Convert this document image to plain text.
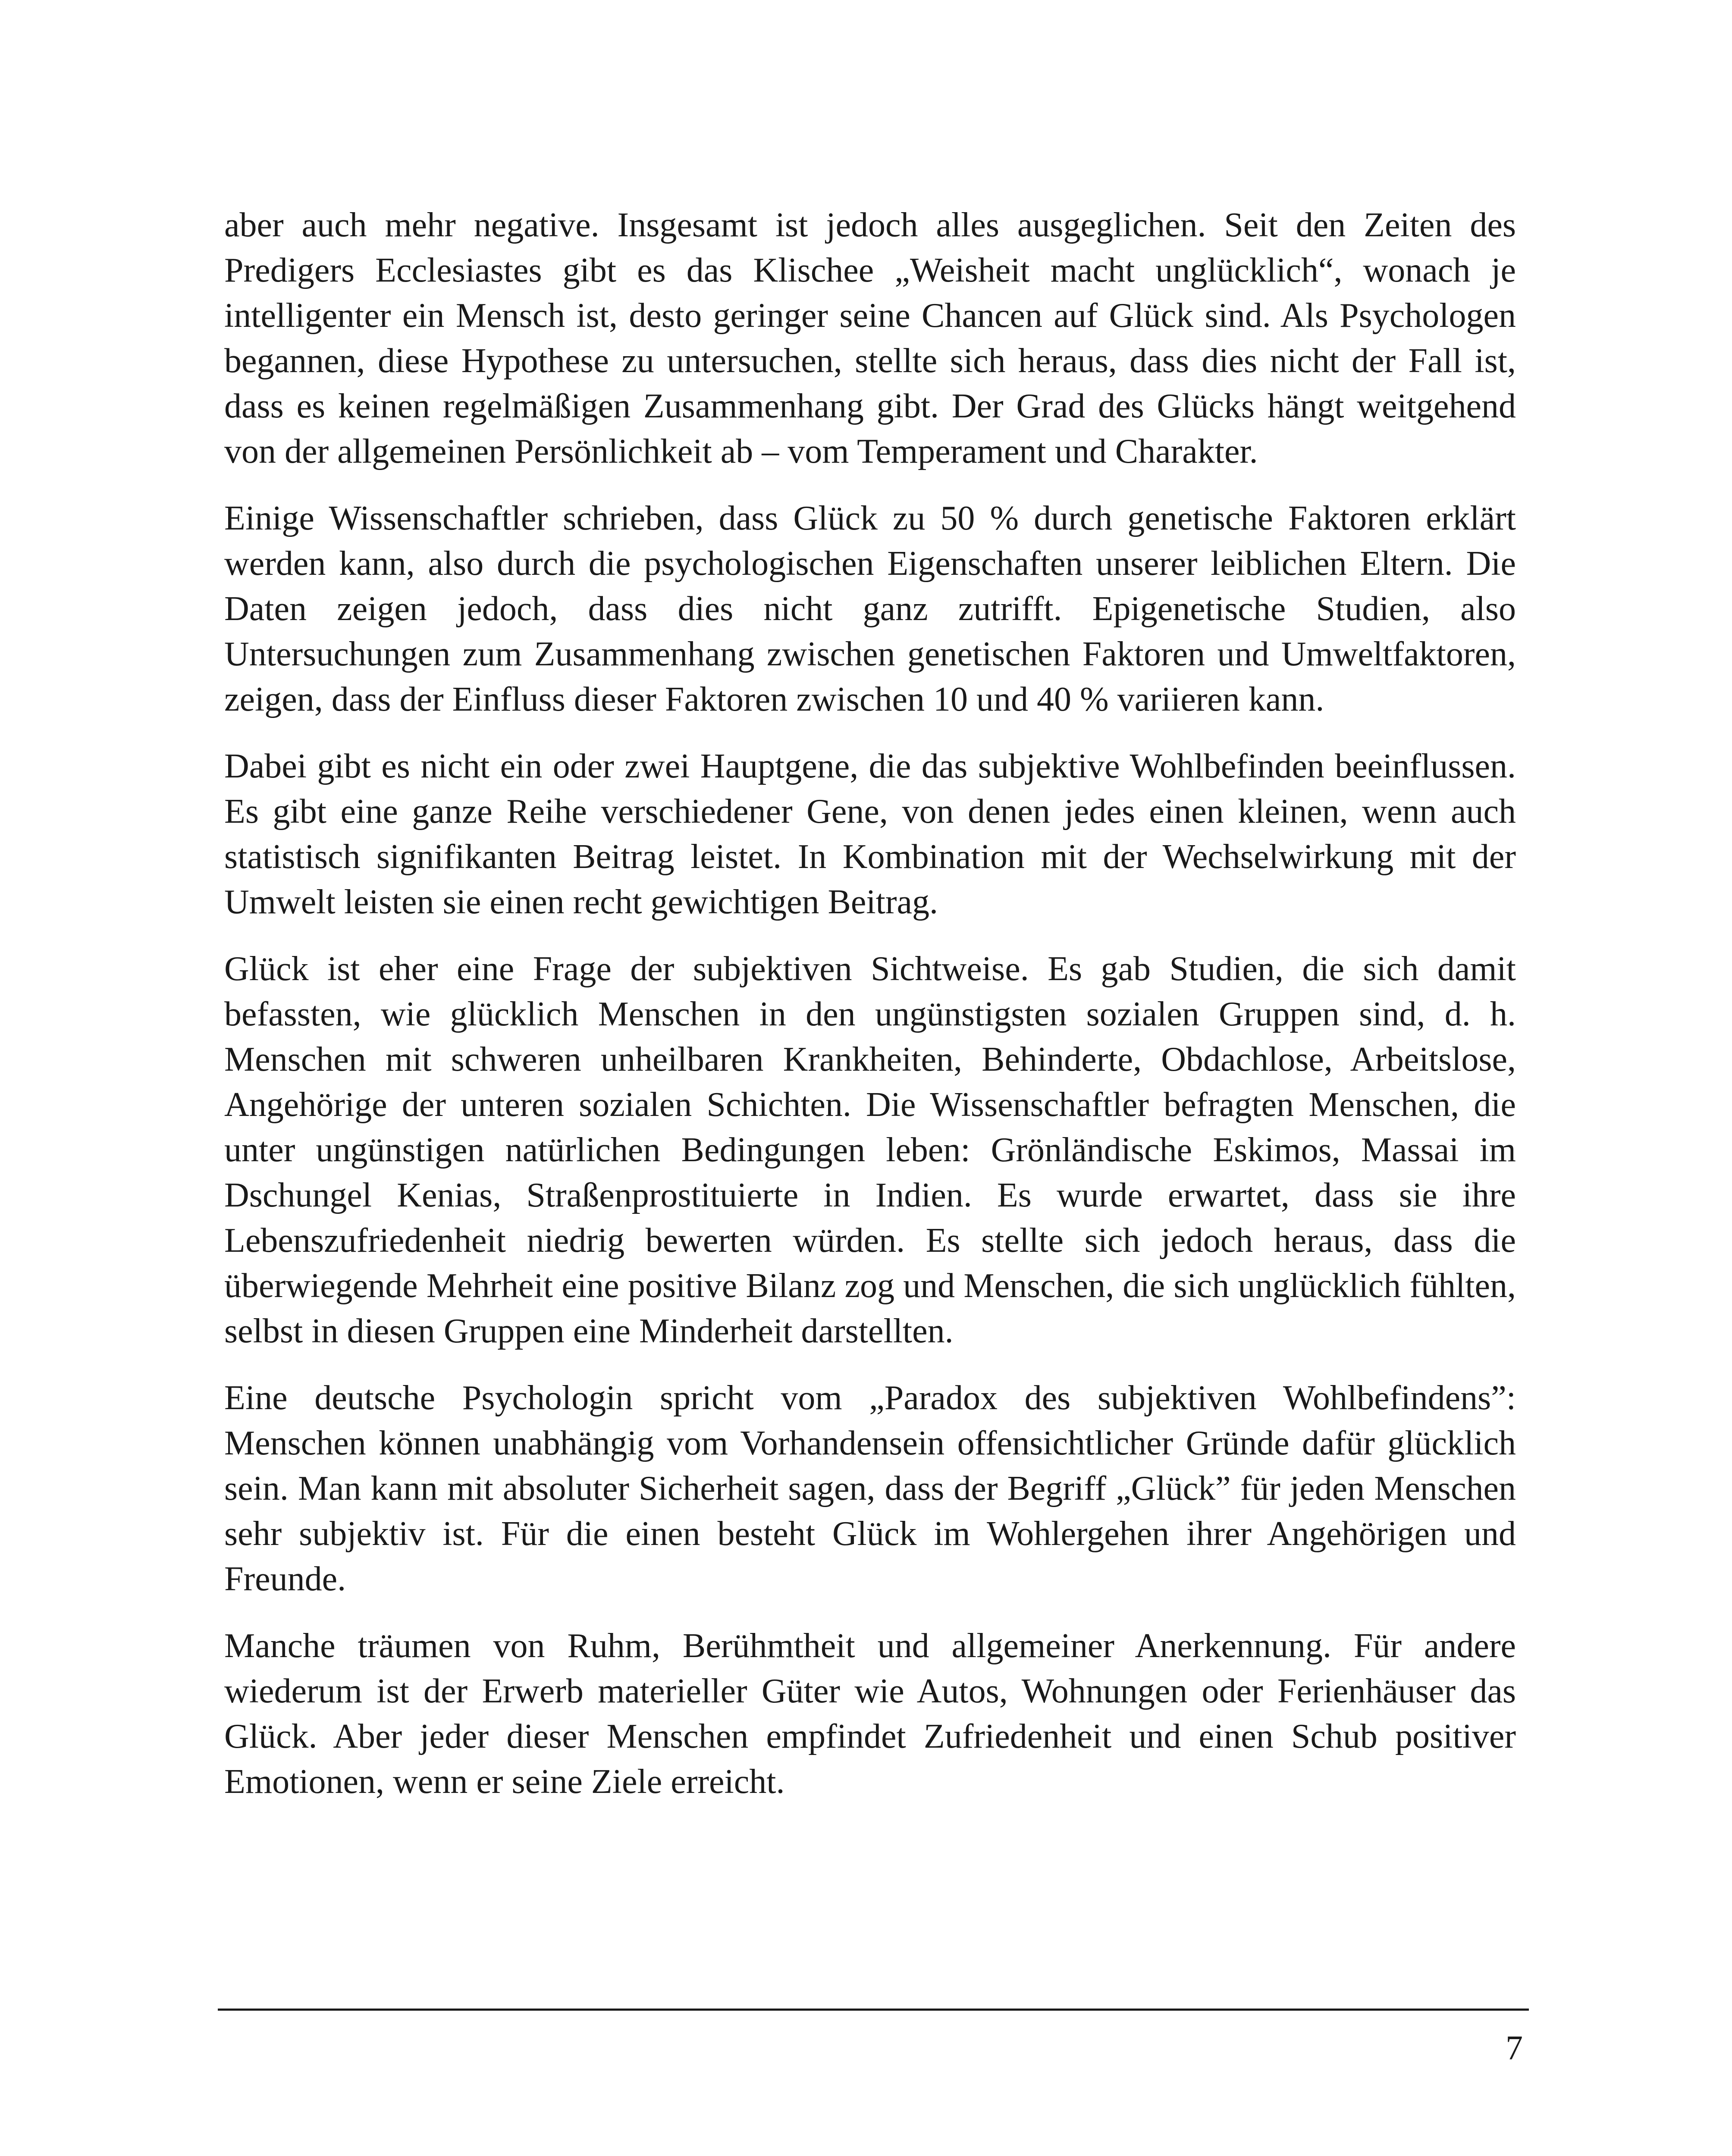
aber auch mehr negative. Insgesamt ist jedoch alles ausgeglichen. Seit den Zeiten des Predigers Ecclesiastes gibt es das Klischee „Weisheit macht unglücklich“, wonach je intelligenter ein Mensch ist, desto geringer seine Chancen auf Glück sind. Als Psychologen begannen, diese Hypothese zu untersuchen, stellte sich heraus, dass dies nicht der Fall ist, dass es keinen regelmäßigen Zusammenhang gibt. Der Grad des Glücks hängt weitgehend von der allgemeinen Persönlichkeit ab – vom Temperament und Charakter.

Einige Wissenschaftler schrieben, dass Glück zu 50 % durch genetische Faktoren erklärt werden kann, also durch die psychologischen Eigenschaften unserer leiblichen Eltern. Die Daten zeigen jedoch, dass dies nicht ganz zutrifft. Epigenetische Studien, also Untersuchungen zum Zusammenhang zwischen genetischen Faktoren und Umweltfaktoren, zeigen, dass der Einfluss dieser Faktoren zwischen 10 und 40 % variieren kann.

Dabei gibt es nicht ein oder zwei Hauptgene, die das subjektive Wohlbefinden beeinflussen. Es gibt eine ganze Reihe verschiedener Gene, von denen jedes einen kleinen, wenn auch statistisch signifikanten Beitrag leistet. In Kombination mit der Wechselwirkung mit der Umwelt leisten sie einen recht gewichtigen Beitrag.

Glück ist eher eine Frage der subjektiven Sichtweise. Es gab Studien, die sich damit befassten, wie glücklich Menschen in den ungünstigsten sozialen Gruppen sind, d. h. Menschen mit schweren unheilbaren Krankheiten, Behinderte, Obdachlose, Arbeitslose, Angehörige der unteren sozialen Schichten. Die Wissenschaftler befragten Menschen, die unter ungünstigen natürlichen Bedingungen leben: Grönländische Eskimos, Massai im Dschungel Kenias, Straßenprostituierte in Indien. Es wurde erwartet, dass sie ihre Lebenszufriedenheit niedrig bewerten würden. Es stellte sich jedoch heraus, dass die überwiegende Mehrheit eine positive Bilanz zog und Menschen, die sich unglücklich fühlten, selbst in diesen Gruppen eine Minderheit darstellten.

Eine deutsche Psychologin spricht vom „Paradox des subjektiven Wohlbefindens”: Menschen können unabhängig vom Vorhandensein offensichtlicher Gründe dafür glücklich sein. Man kann mit absoluter Sicherheit sagen, dass der Begriff „Glück” für jeden Menschen sehr subjektiv ist. Für die einen besteht Glück im Wohlergehen ihrer Angehörigen und Freunde.

Manche träumen von Ruhm, Berühmtheit und allgemeiner Anerkennung. Für andere wiederum ist der Erwerb materieller Güter wie Autos, Wohnungen oder Ferienhäuser das Glück. Aber jeder dieser Menschen empfindet Zufriedenheit und einen Schub positiver Emotionen, wenn er seine Ziele erreicht.

7
